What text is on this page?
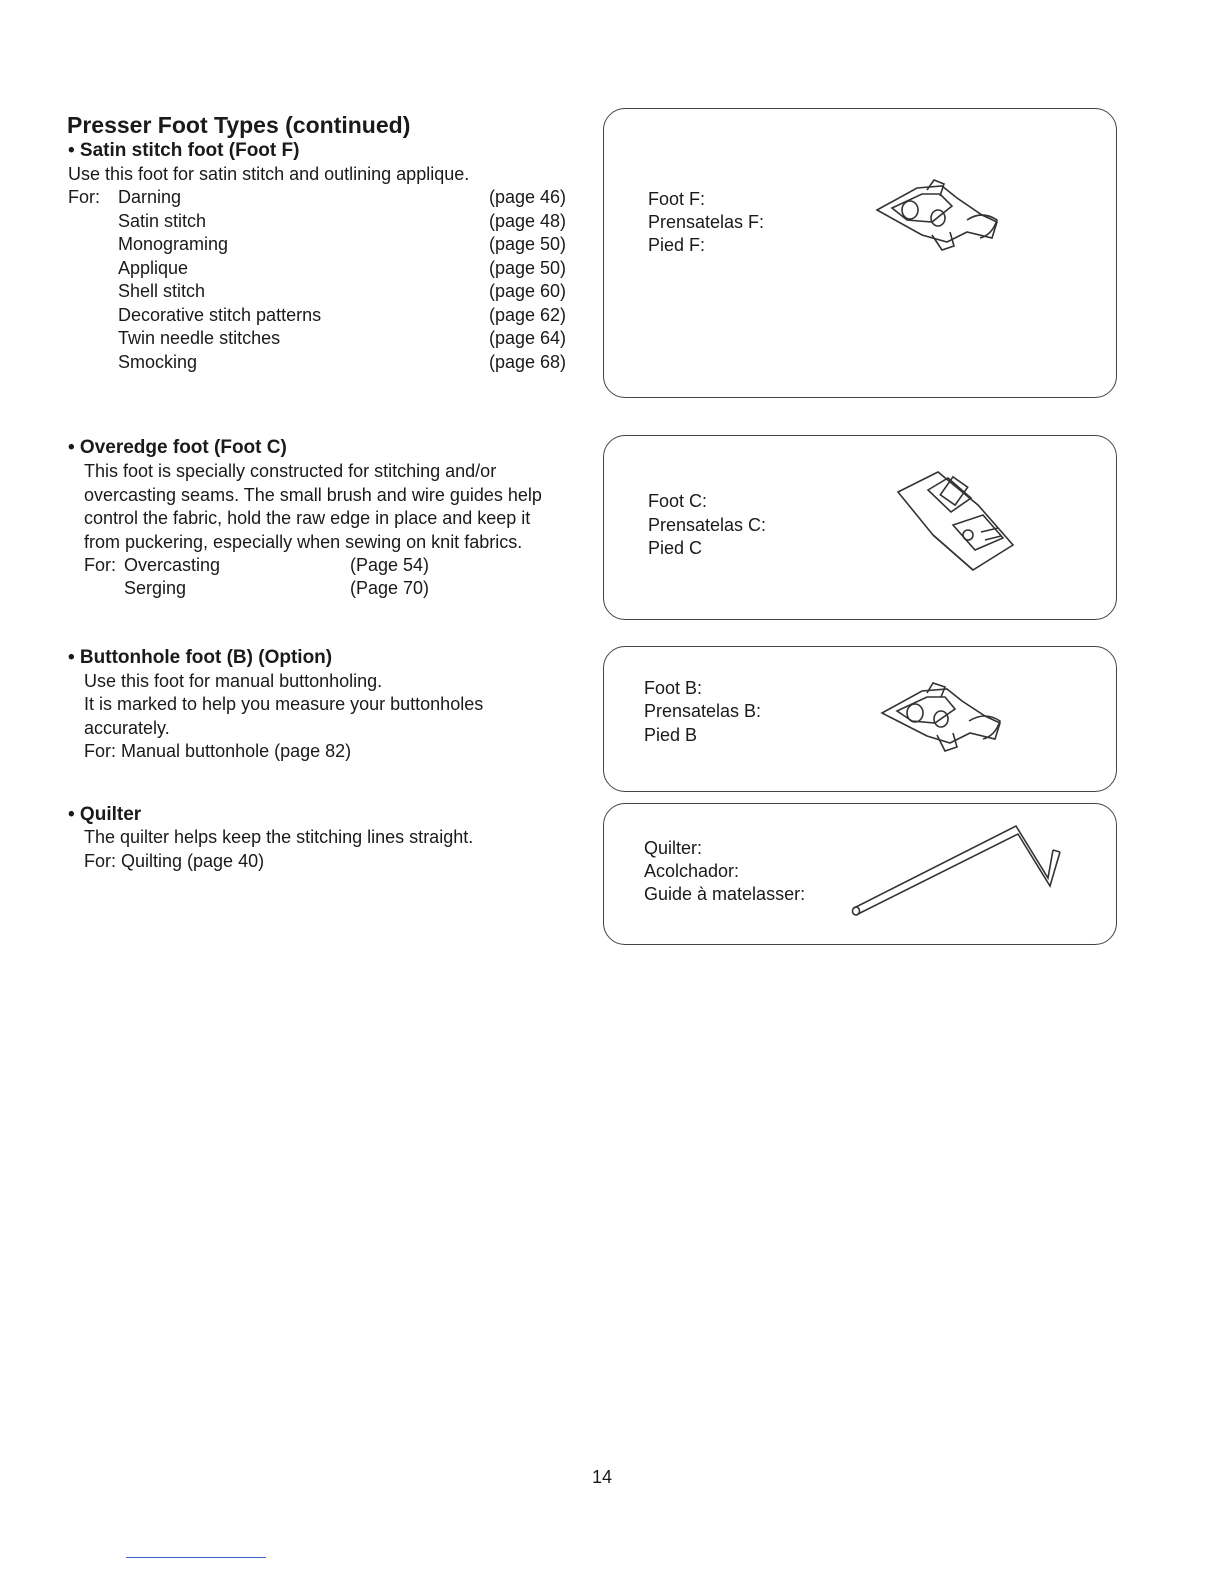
Presser Foot Types (continued)
• Satin stitch foot (Foot F)
Use this foot for satin stitch and outlining applique.
For: Darning	(page 46)
Satin stitch	(page 48)
Monograming	(page 50)
Applique	(page 50)
Shell stitch	(page 60)
Decorative stitch patterns	(page 62)
Twin needle stitches	(page 64)
Smocking	(page 68)
• Overedge foot (Foot C)
This foot is specially constructed for stitching and/or
overcasting seams. The small brush and wire guides help
control the fabric, hold the raw edge in place and keep it
from puckering, especially when sewing on knit fabrics.
For: Overcasting	(Page 54)
Serging	(Page 70)
• Buttonhole foot (B) (Option)
Use this foot for manual buttonholing.
It is marked to help you measure your buttonholes
accurately.
For: Manual buttonhole (page 82)
• Quilter
The quilter helps keep the stitching lines straight.
For: Quilting (page 40)
Foot F:
Prensatelas F:
Pied F:
Foot C:
Prensatelas C:
Pied C
Foot B:
Prensatelas B:
Pied B
Quilter:
Acolchador:
Guide à matelasser:
14
